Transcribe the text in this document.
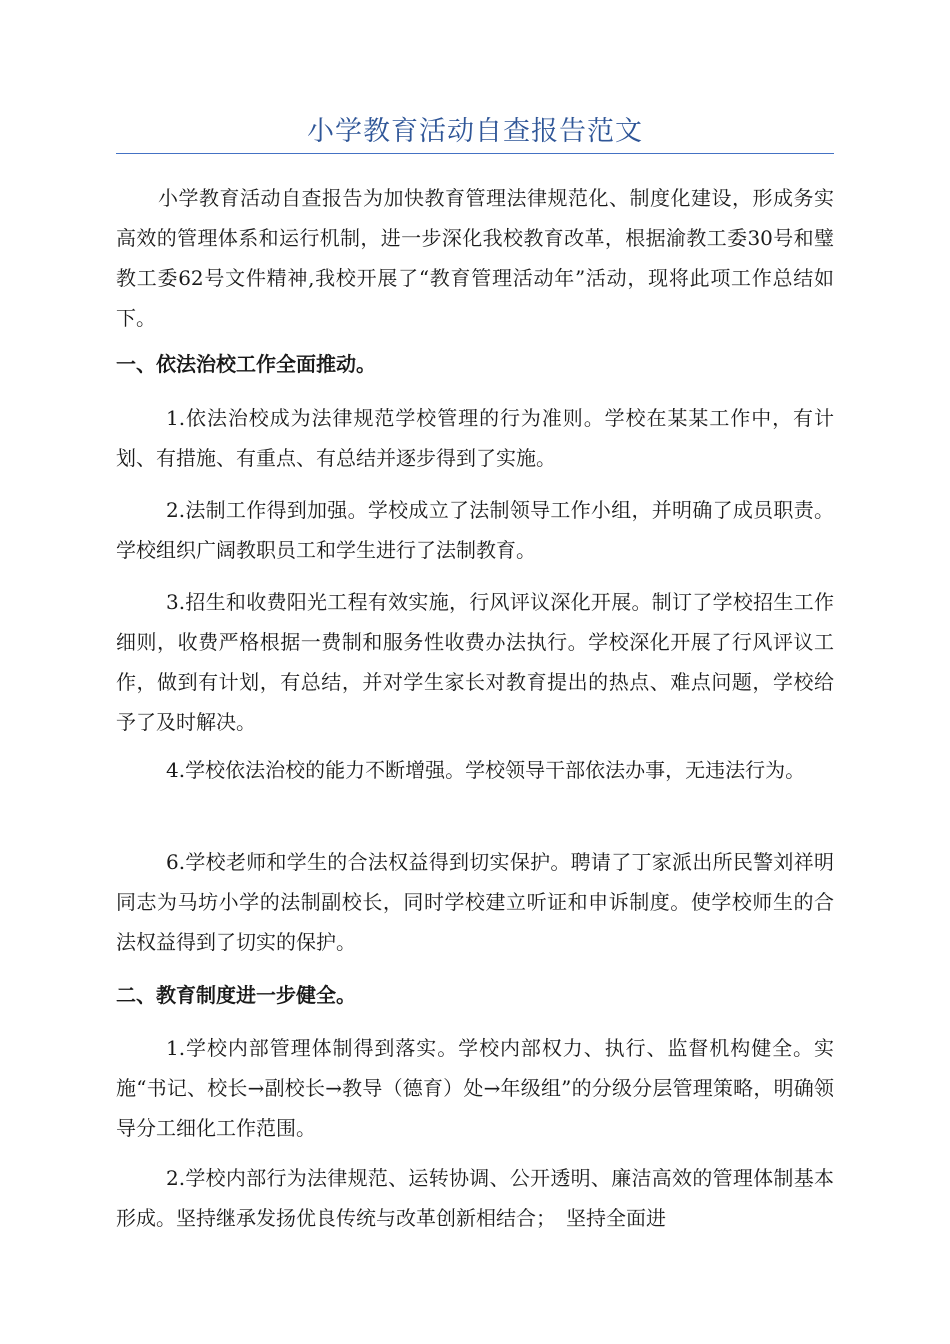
小学教育活动自查报告范文

小学教育活动自查报告为加快教育管理法律规范化、制度化建设，形成务实高效的管理体系和运行机制，进一步深化我校教育改革，根据渝教工委30号和璧教工委62号文件精神,我校开展了“教育管理活动年”活动，现将此项工作总结如下。

一、依法治校工作全面推动。

1.依法治校成为法律规范学校管理的行为准则。学校在某某工作中，有计划、有措施、有重点、有总结并逐步得到了实施。

2.法制工作得到加强。学校成立了法制领导工作小组，并明确了成员职责。学校组织广阔教职员工和学生进行了法制教育。

3.招生和收费阳光工程有效实施，行风评议深化开展。制订了学校招生工作细则，收费严格根据一费制和服务性收费办法执行。学校深化开展了行风评议工作，做到有计划，有总结，并对学生家长对教育提出的热点、难点问题，学校给予了及时解决。

4.学校依法治校的能力不断增强。学校领导干部依法办事，无违法行为。

6.学校老师和学生的合法权益得到切实保护。聘请了丁家派出所民警刘祥明同志为马坊小学的法制副校长，同时学校建立听证和申诉制度。使学校师生的合法权益得到了切实的保护。

二、教育制度进一步健全。

1.学校内部管理体制得到落实。学校内部权力、执行、监督机构健全。实施“书记、校长→副校长→教导（德育）处→年级组”的分级分层管理策略，明确领导分工细化工作范围。

2.学校内部行为法律规范、运转协调、公开透明、廉洁高效的管理体制基本形成。坚持继承发扬优良传统与改革创新相结合；　坚持全面进
